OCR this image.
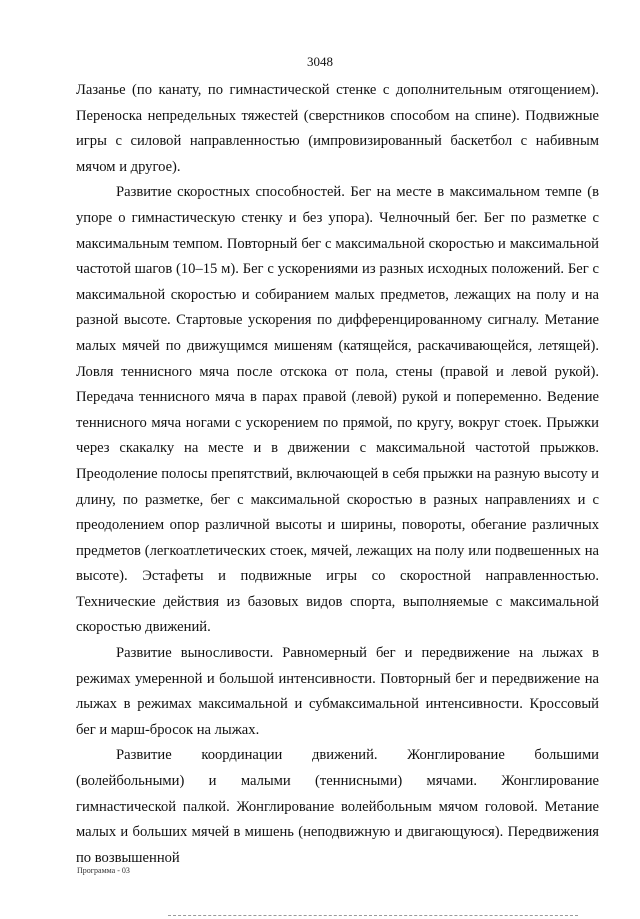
3048

Лазанье (по канату, по гимнастической стенке с дополнительным отягощением). Переноска непредельных тяжестей (сверстников способом на спине). Подвижные игры с силовой направленностью (импровизированный баскетбол с набивным мячом и другое).

Развитие скоростных способностей. Бег на месте в максимальном темпе (в упоре о гимнастическую стенку и без упора). Челночный бег. Бег по разметке с максимальным темпом. Повторный бег с максимальной скоростью и максимальной частотой шагов (10–15 м). Бег с ускорениями из разных исходных положений. Бег с максимальной скоростью и собиранием малых предметов, лежащих на полу и на разной высоте. Стартовые ускорения по дифференцированному сигналу. Метание малых мячей по движущимся мишеням (катящейся, раскачивающейся, летящей). Ловля теннисного мяча после отскока от пола, стены (правой и левой рукой). Передача теннисного мяча в парах правой (левой) рукой и попеременно. Ведение теннисного мяча ногами с ускорением по прямой, по кругу, вокруг стоек. Прыжки через скакалку на месте и в движении с максимальной частотой прыжков. Преодоление полосы препятствий, включающей в себя прыжки на разную высоту и длину, по разметке, бег с максимальной скоростью в разных направлениях и с преодолением опор различной высоты и ширины, повороты, обегание различных предметов (легкоатлетических стоек, мячей, лежащих на полу или подвешенных на высоте). Эстафеты и подвижные игры со скоростной направленностью. Технические действия из базовых видов спорта, выполняемые с максимальной скоростью движений.

Развитие выносливости. Равномерный бег и передвижение на лыжах в режимах умеренной и большой интенсивности. Повторный бег и передвижение на лыжах в режимах максимальной и субмаксимальной интенсивности. Кроссовый бег и марш-бросок на лыжах.

Развитие координации движений. Жонглирование большими (волейбольными) и малыми (теннисными) мячами. Жонглирование гимнастической палкой. Жонглирование волейбольным мячом головой. Метание малых и больших мячей в мишень (неподвижную и двигающуюся). Передвижения по возвышенной

Программа - 03
